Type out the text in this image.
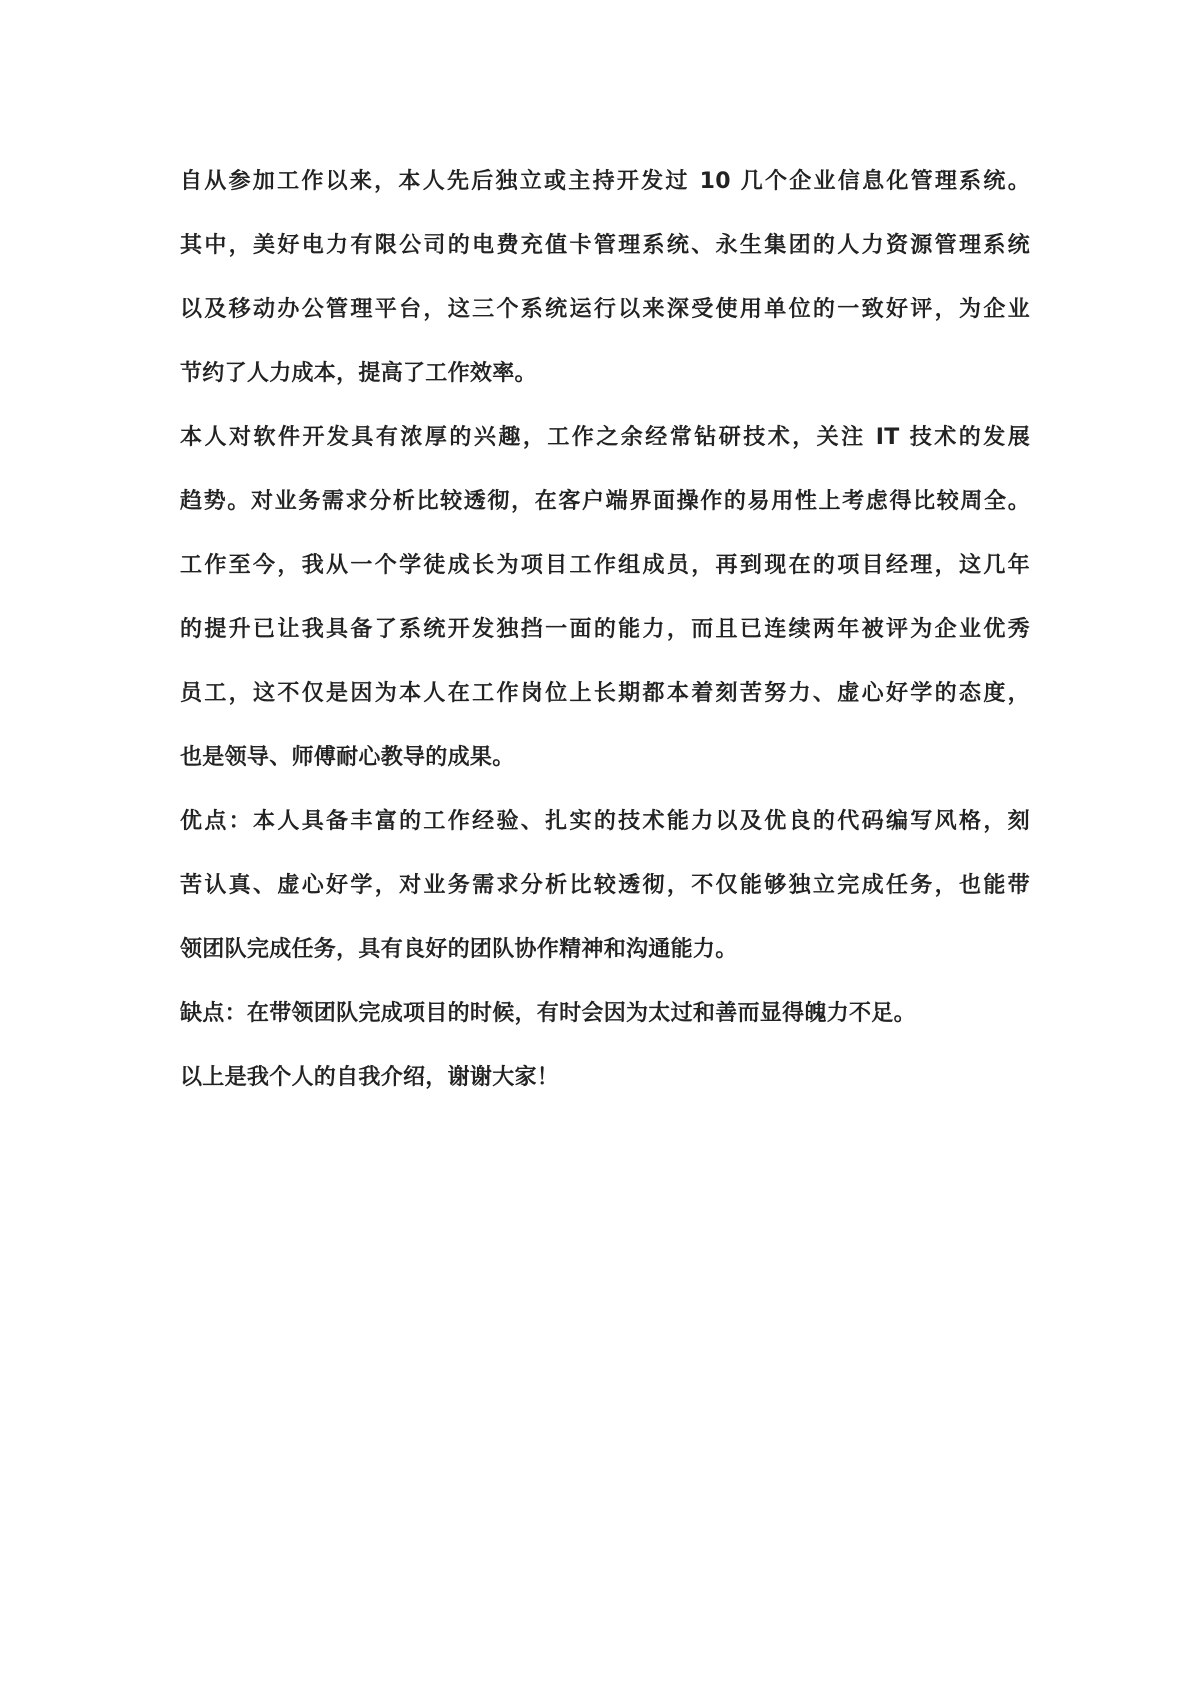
自从参加工作以来，本人先后独立或主持开发过 10 几个企业信息化管理系统。
其中，美好电力有限公司的电费充值卡管理系统、永生集团的人力资源管理系统
以及移动办公管理平台，这三个系统运行以来深受使用单位的一致好评，为企业
节约了人力成本，提高了工作效率。
本人对软件开发具有浓厚的兴趣，工作之余经常钻研技术，关注 IT 技术的发展
趋势。对业务需求分析比较透彻，在客户端界面操作的易用性上考虑得比较周全。
工作至今，我从一个学徒成长为项目工作组成员，再到现在的项目经理，这几年
的提升已让我具备了系统开发独挡一面的能力，而且已连续两年被评为企业优秀
员工，这不仅是因为本人在工作岗位上长期都本着刻苦努力、虚心好学的态度，
也是领导、师傅耐心教导的成果。
优点：本人具备丰富的工作经验、扎实的技术能力以及优良的代码编写风格，刻
苦认真、虚心好学，对业务需求分析比较透彻，不仅能够独立完成任务，也能带
领团队完成任务，具有良好的团队协作精神和沟通能力。
缺点：在带领团队完成项目的时候，有时会因为太过和善而显得魄力不足。
以上是我个人的自我介绍，谢谢大家！
